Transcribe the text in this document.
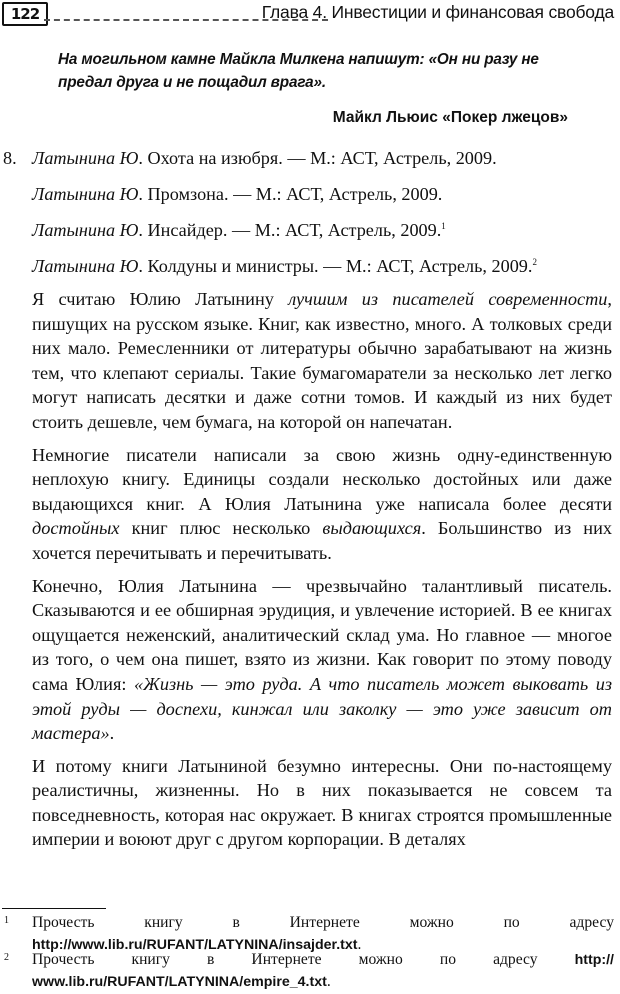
122	Глава 4. Инвестиции и финансовая свобода
На могильном камне Майкла Милкена напишут: «Он ни разу не предал друга и не пощадил врага».
Майкл Льюис «Покер лжецов»
8. Латынина Ю. Охота на изюбря. — М.: АСТ, Астрель, 2009.
Латынина Ю. Промзона. — М.: АСТ, Астрель, 2009.
Латынина Ю. Инсайдер. — М.: АСТ, Астрель, 2009.$^1$
Латынина Ю. Колдуны и министры. — М.: АСТ, Астрель, 2009.$^2$

Я считаю Юлию Латынину лучшим из писателей современности, пишущих на русском языке. Книг, как известно, много. А толковых среди них мало. Ремесленники от литературы обычно зарабатывают на жизнь тем, что клепают сериалы. Такие бумагомаратели за несколько лет легко могут написать десятки и даже сотни томов. И каждый из них будет стоить дешевле, чем бумага, на которой он напечатан.

Немногие писатели написали за свою жизнь одну-единственную неплохую книгу. Единицы создали несколько достойных или даже выдающихся книг. А Юлия Латынина уже написала более десяти достойных книг плюс несколько выдающихся. Большинство из них хочется перечитывать и перечитывать.

Конечно, Юлия Латынина — чрезвычайно талантливый писатель. Сказываются и ее обширная эрудиция, и увлечение историей. В ее книгах ощущается неженский, аналитический склад ума. Но главное — многое из того, о чем она пишет, взято из жизни. Как говорит по этому поводу сама Юлия: «Жизнь — это руда. А что писатель может выковать из этой руды — доспехи, кинжал или заколку — это уже зависит от мастера».

И потому книги Латыниной безумно интересны. Они по-настоящему реалистичны, жизненны. Но в них показывается не совсем та повседневность, которая нас окружает. В книгах строятся промышленные империи и воюют друг с другом корпорации. В деталях

1 Прочесть книгу в Интернете можно по адресу http://www.lib.ru/RUFANT/LATYNINA/insajder.txt.
2 Прочесть книгу в Интернете можно по адресу http:// www.lib.ru/RUFANT/LATYNINA/empire_4.txt.
